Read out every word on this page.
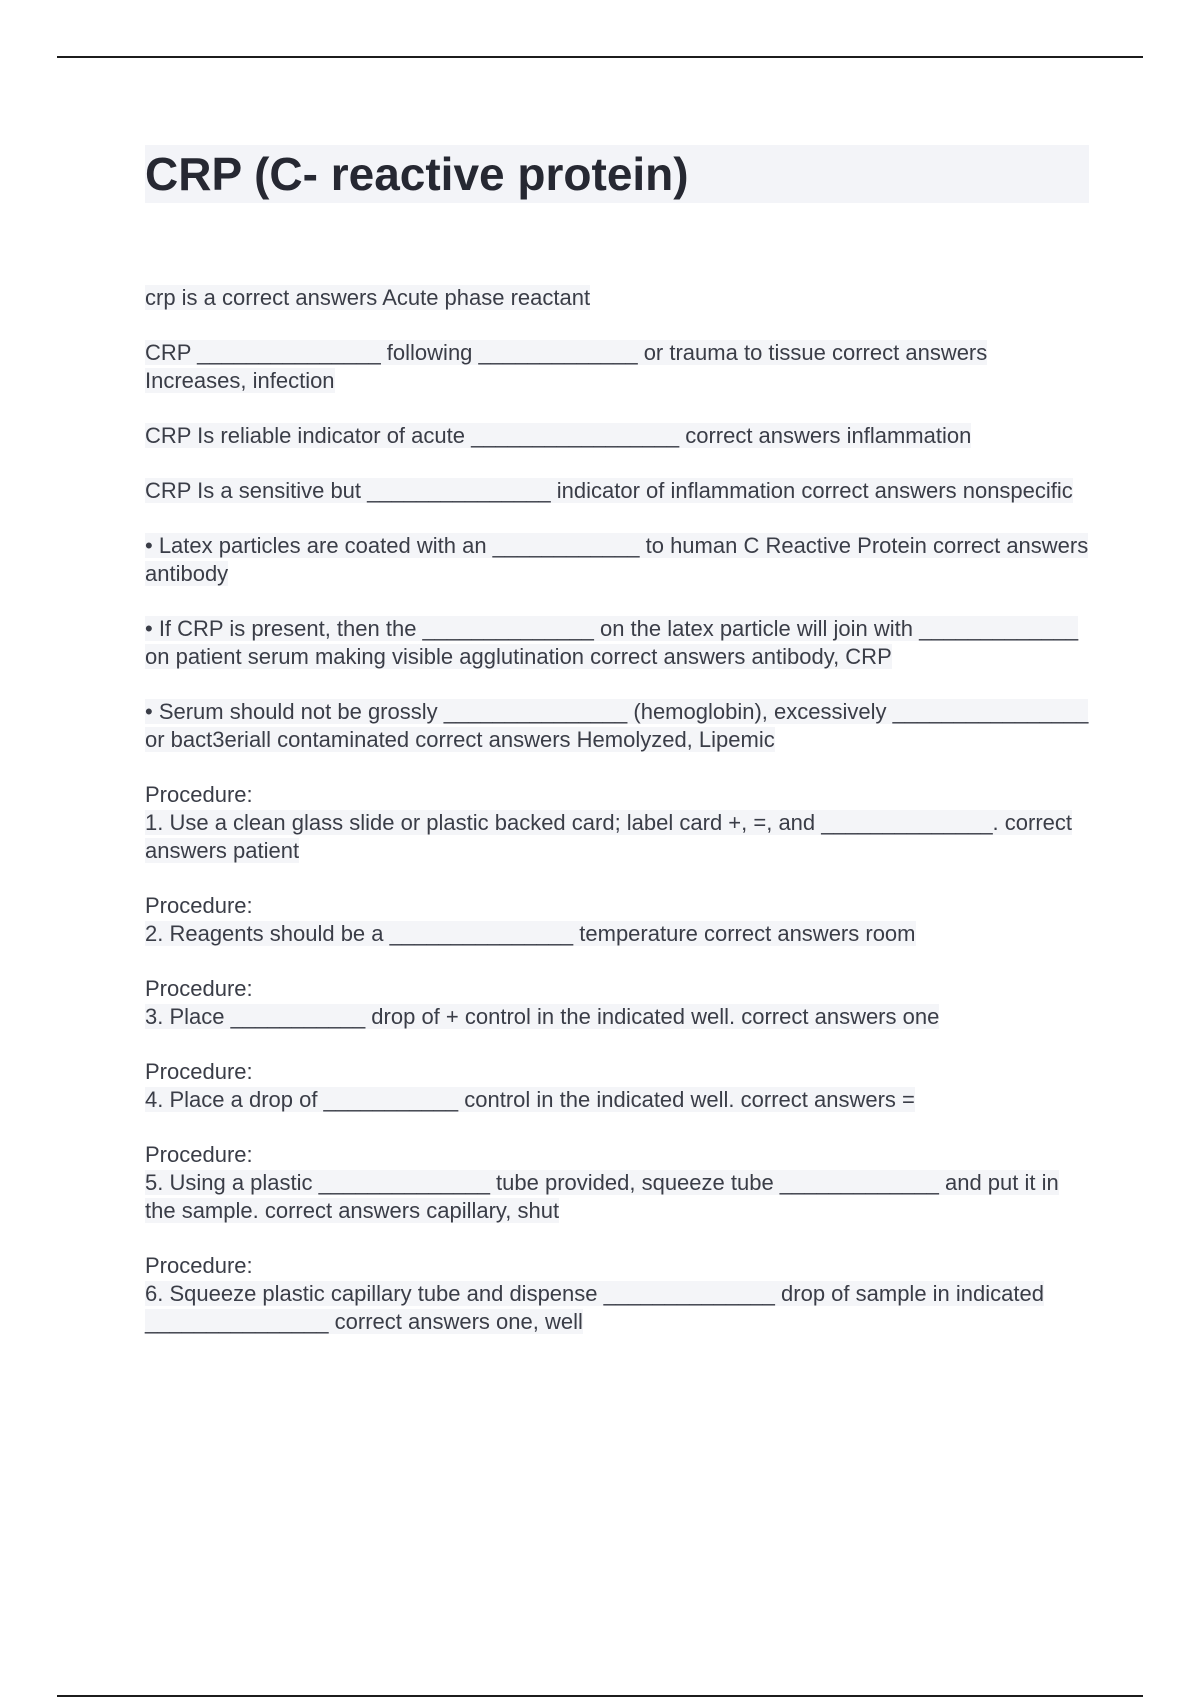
CRP (C- reactive protein)

crp is a correct answers Acute phase reactant

CRP _______________ following _____________ or trauma to tissue correct answers Increases, infection

CRP Is reliable indicator of acute _________________ correct answers inflammation

CRP Is a sensitive but _______________ indicator of inflammation correct answers nonspecific

• Latex particles are coated with an ____________ to human C Reactive Protein correct answers antibody

• If CRP is present, then the ______________ on the latex particle will join with _____________ on patient serum making visible agglutination correct answers antibody, CRP

• Serum should not be grossly _______________ (hemoglobin), excessively ________________ or bact3eriall contaminated correct answers Hemolyzed, Lipemic

Procedure:
1. Use a clean glass slide or plastic backed card; label card +, =, and ______________. correct answers patient

Procedure:
2. Reagents should be a _______________ temperature correct answers room

Procedure:
3. Place ___________ drop of + control in the indicated well. correct answers one

Procedure:
4. Place a drop of ___________ control in the indicated well. correct answers =

Procedure:
5. Using a plastic ______________ tube provided, squeeze tube _____________ and put it in the sample. correct answers capillary, shut

Procedure:
6. Squeeze plastic capillary tube and dispense ______________ drop of sample in indicated _______________ correct answers one, well
